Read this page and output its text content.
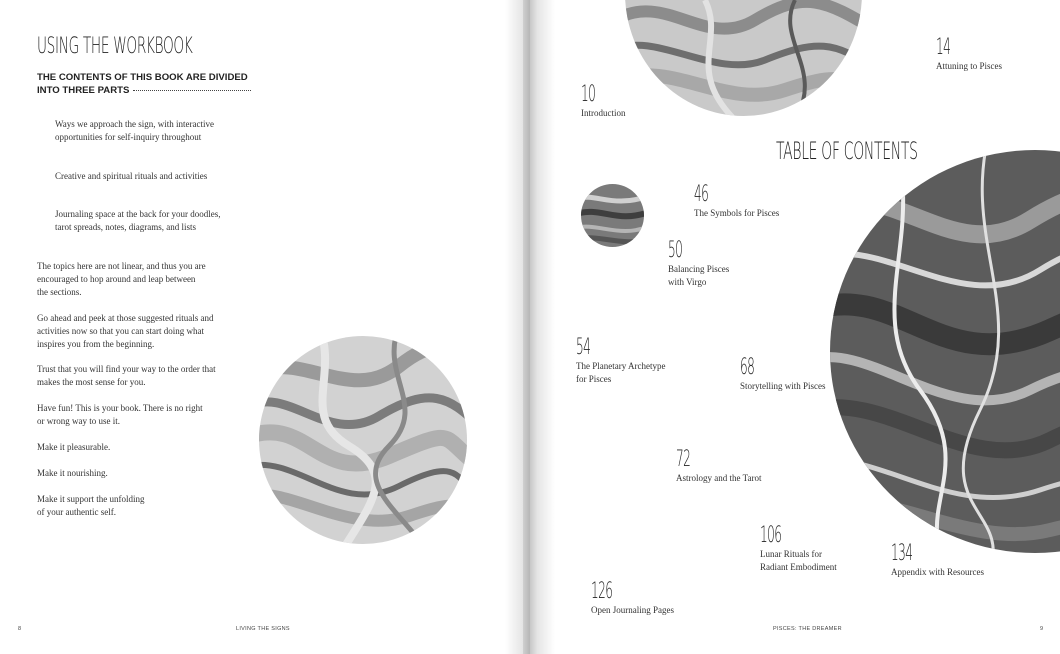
USING THE WORKBOOK
THE CONTENTS OF THIS BOOK ARE DIVIDED
INTO THREE PARTS
Ways we approach the sign, with interactive
opportunities for self-inquiry throughout
Creative and spiritual rituals and activities
Journaling space at the back for your doodles,
tarot spreads, notes, diagrams, and lists
The topics here are not linear, and thus you are
encouraged to hop around and leap between
the sections.
Go ahead and peek at those suggested rituals and
activities now so that you can start doing what
inspires you from the beginning.
Trust that you will find your way to the order that
makes the most sense for you.
Have fun! This is your book. There is no right
or wrong way to use it.
Make it pleasurable.
Make it nourishing.
Make it support the unfolding
of your authentic self.
8	LIVING THE SIGNS
TABLE OF CONTENTS
10
Introduction
14
Attuning to Pisces
46
The Symbols for Pisces
50
Balancing Pisces
with Virgo
54
The Planetary Archetype
for Pisces	68
Storytelling with Pisces
72
Astrology and the Tarot
106
Lunar Rituals for
Radiant Embodiment
134
Appendix with Resources
126
Open Journaling Pages
PISCES: THE DREAMER	9
